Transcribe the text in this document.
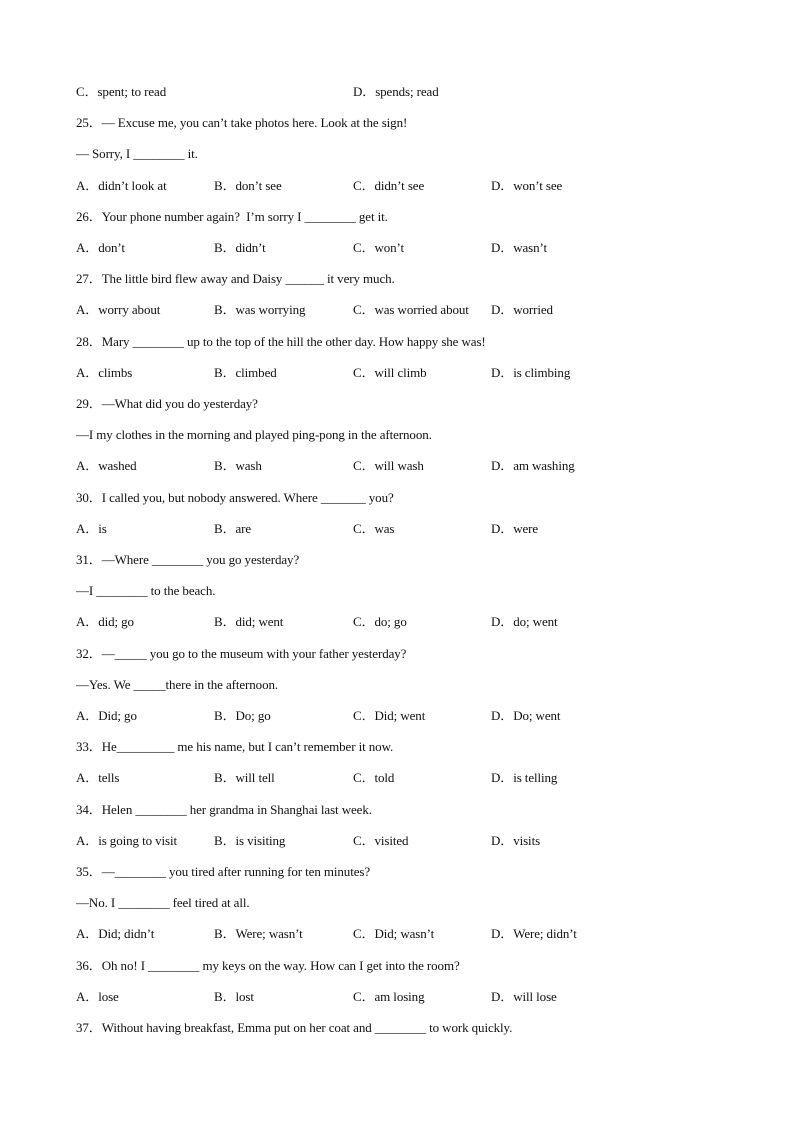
C．spent; to read	D．spends; read
25．— Excuse me, you can’t take photos here. Look at the sign!
— Sorry, I ________ it.
A．didn’t look at	B．don’t see	C．didn’t see	D．won’t see
26．Your phone number again?  I’m sorry I ________ get it.
A．don’t	B．didn’t	C．won’t	D．wasn’t
27．The little bird flew away and Daisy ______ it very much.
A．worry about	B．was worrying	C．was worried about D．worried
28．Mary ________ up to the top of the hill the other day. How happy she was!
A．climbs	B．climbed	C．will climb	D．is climbing
29．—What did you do yesterday?
—I my clothes in the morning and played ping-pong in the afternoon.
A．washed	B．wash	C．will wash	D．am washing
30．I called you, but nobody answered. Where _______ you?
A．is	B．are	C．was	D．were
31．—Where ________ you go yesterday?
—I ________ to the beach.
A．did; go	B．did; went	C．do; go	D．do; went
32．—_____ you go to the museum with your father yesterday?
—Yes. We _____there in the afternoon.
A．Did; go	B．Do; go	C．Did; went	D．Do; went
33．He_________ me his name, but I can’t remember it now.
A．tells	B．will tell	C．told	D．is telling
34．Helen ________ her grandma in Shanghai last week.
A．is going to visit	B．is visiting	C．visited	D．visits
35．—________ you tired after running for ten minutes?
—No. I ________ feel tired at all.
A．Did; didn’t	B．Were; wasn’t	C．Did; wasn’t	D．Were; didn’t
36．Oh no! I ________ my keys on the way. How can I get into the room?
A．lose	B．lost	C．am losing	D．will lose
37．Without having breakfast, Emma put on her coat and ________ to work quickly.
